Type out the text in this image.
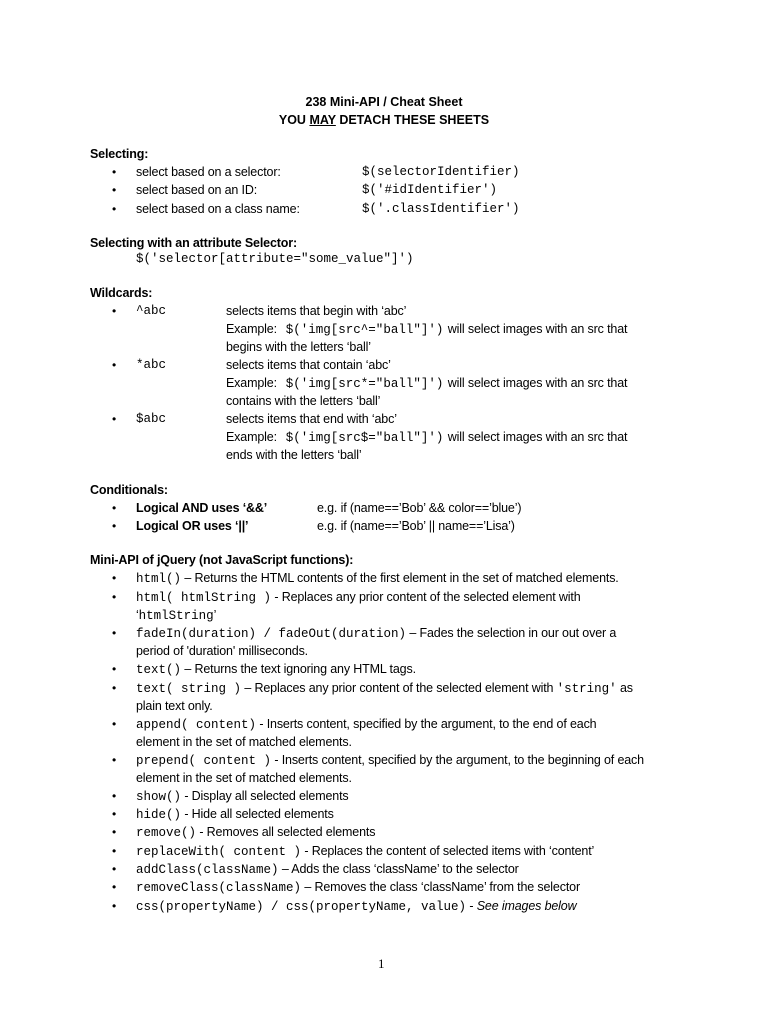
238 Mini-API / Cheat Sheet
YOU MAY DETACH THESE SHEETS
Selecting:
• select based on a selector:	$(selectorIdentifier)
• select based on an ID:	$('#idIdentifier')
• select based on a class name:	$('.classIdentifier')
Selecting with an attribute Selector:
$('selector[attribute="some_value"]')
Wildcards:
• ^abc	selects items that begin with ‘abc’
Example: $('img[src^="ball"]') will select images with an src that
begins with the letters ‘ball’
• *abc	selects items that contain ‘abc’
Example: $('img[src*="ball"]') will select images with an src that
contains with the letters ‘ball’
• $abc	selects items that end with ‘abc’
Example: $('img[src$="ball"]') will select images with an src that
ends with the letters ‘ball’
Conditionals:
• Logical AND uses ‘&&’	e.g. if (name==’Bob’ && color==’blue’)
• Logical OR uses ‘||’	e.g. if (name==’Bob’ || name==’Lisa’)
Mini-API of jQuery (not JavaScript functions):
• html() – Returns the HTML contents of the first element in the set of matched elements.
• html( htmlString ) - Replaces any prior content of the selected element with
‘htmlString’
• fadeIn(duration) / fadeOut(duration) – Fades the selection in our out over a
period of 'duration' milliseconds.
• text() – Returns the text ignoring any HTML tags.
• text( string ) – Replaces any prior content of the selected element with 'string' as
plain text only.
• append( content) - Inserts content, specified by the argument, to the end of each
element in the set of matched elements.
• prepend( content ) - Inserts content, specified by the argument, to the beginning of each
element in the set of matched elements.
• show() - Display all selected elements
• hide() - Hide all selected elements
• remove() - Removes all selected elements
• replaceWith( content ) - Replaces the content of selected items with ‘content’
• addClass(className) – Adds the class ‘className’ to the selector
• removeClass(className) – Removes the class ‘className’ from the selector
• css(propertyName) / css(propertyName, value) - See images below
1
